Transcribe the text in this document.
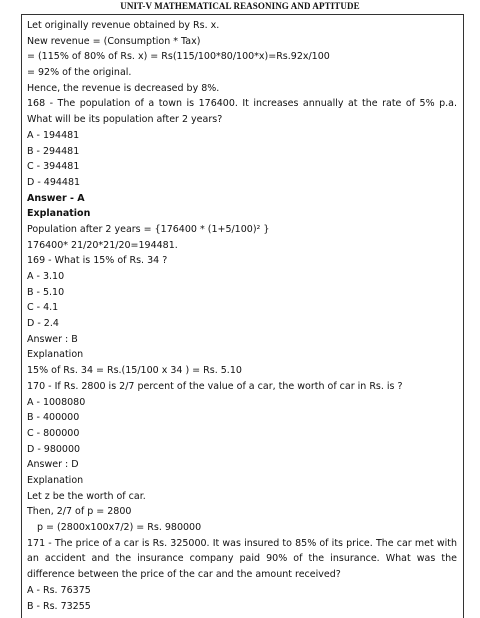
UNIT-V MATHEMATICAL REASONING AND APTITUDE
Let originally revenue obtained by Rs. x.
New revenue = (Consumption * Tax)
= (115% of 80% of Rs. x) = Rs(115/100*80/100*x)=Rs.92x/100
= 92% of the original.
Hence, the revenue is decreased by 8%.
168 - The population of a town is 176400. It increases annually at the rate of 5% p.a. What will be its population after 2 years?
A - 194481
B - 294481
C - 394481
D - 494481
Answer - A
Explanation
Population after 2 years = {176400 * (1+5/100)² }
176400* 21/20*21/20=194481.
169 - What is 15% of Rs. 34 ?
A - 3.10
B - 5.10
C - 4.1
D - 2.4
Answer : B
Explanation
15% of Rs. 34 = Rs.(15/100 x 34 ) = Rs. 5.10
170 - If Rs. 2800 is 2/7 percent of the value of a car, the worth of car in Rs. is ?
A - 1008080
B - 400000
C - 800000
D - 980000
Answer : D
Explanation
Let z be the worth of car.
Then, 2/7 of p = 2800
p = (2800x100x7/2) = Rs. 980000
171 - The price of a car is Rs. 325000. It was insured to 85% of its price. The car met with an accident and the insurance company paid 90% of the insurance. What was the difference between the price of the car and the amount received?
A - Rs. 76375
B - Rs. 73255
